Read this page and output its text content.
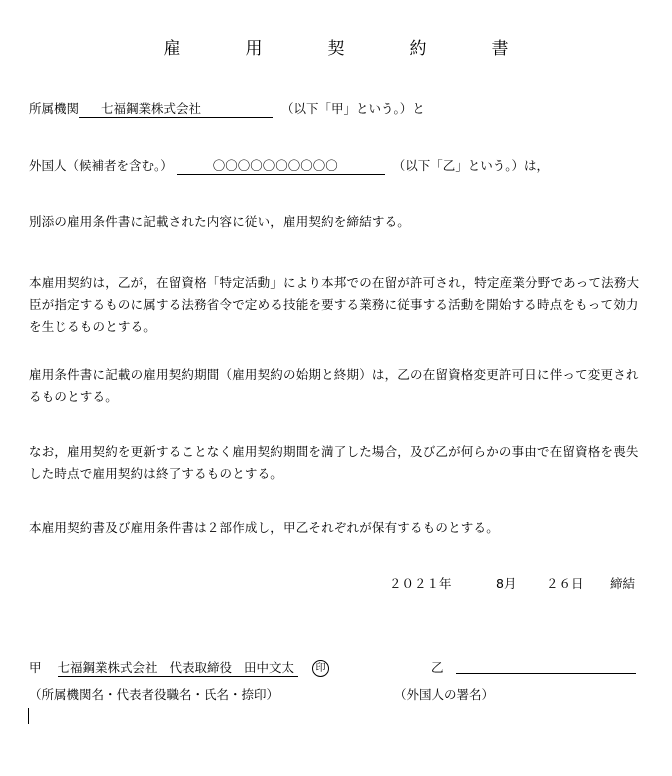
雇	用	契	約	書
所属機関 七福鋼業株式会社	（以下「甲」という。）と
外国人（候補者を含む。）	〇〇〇〇〇〇〇〇〇〇	（以下「乙」という。）は，
別添の雇用条件書に記載された内容に従い，雇用契約を締結する。
本雇用契約は，乙が，在留資格「特定活動」により本邦での在留が許可され，特定産業分野であって法務大臣が指定するものに属する法務省令で定める技能を要する業務に従事する活動を開始する時点をもって効力を生じるものとする。
雇用条件書に記載の雇用契約期間（雇用契約の始期と終期）は，乙の在留資格変更許可日に伴って変更されるものとする。
なお，雇用契約を更新することなく雇用契約期間を満了した場合，及び乙が何らかの事由で在留資格を喪失した時点で雇用契約は終了するものとする。
本雇用契約書及び雇用条件書は２部作成し，甲乙それぞれが保有するものとする。
２０２１年	8月 ２６日 締結
甲 七福鋼業株式会社 代表取締役 田中文太 印	乙
（所属機関名・代表者役職名・氏名・捺印）	（外国人の署名）
